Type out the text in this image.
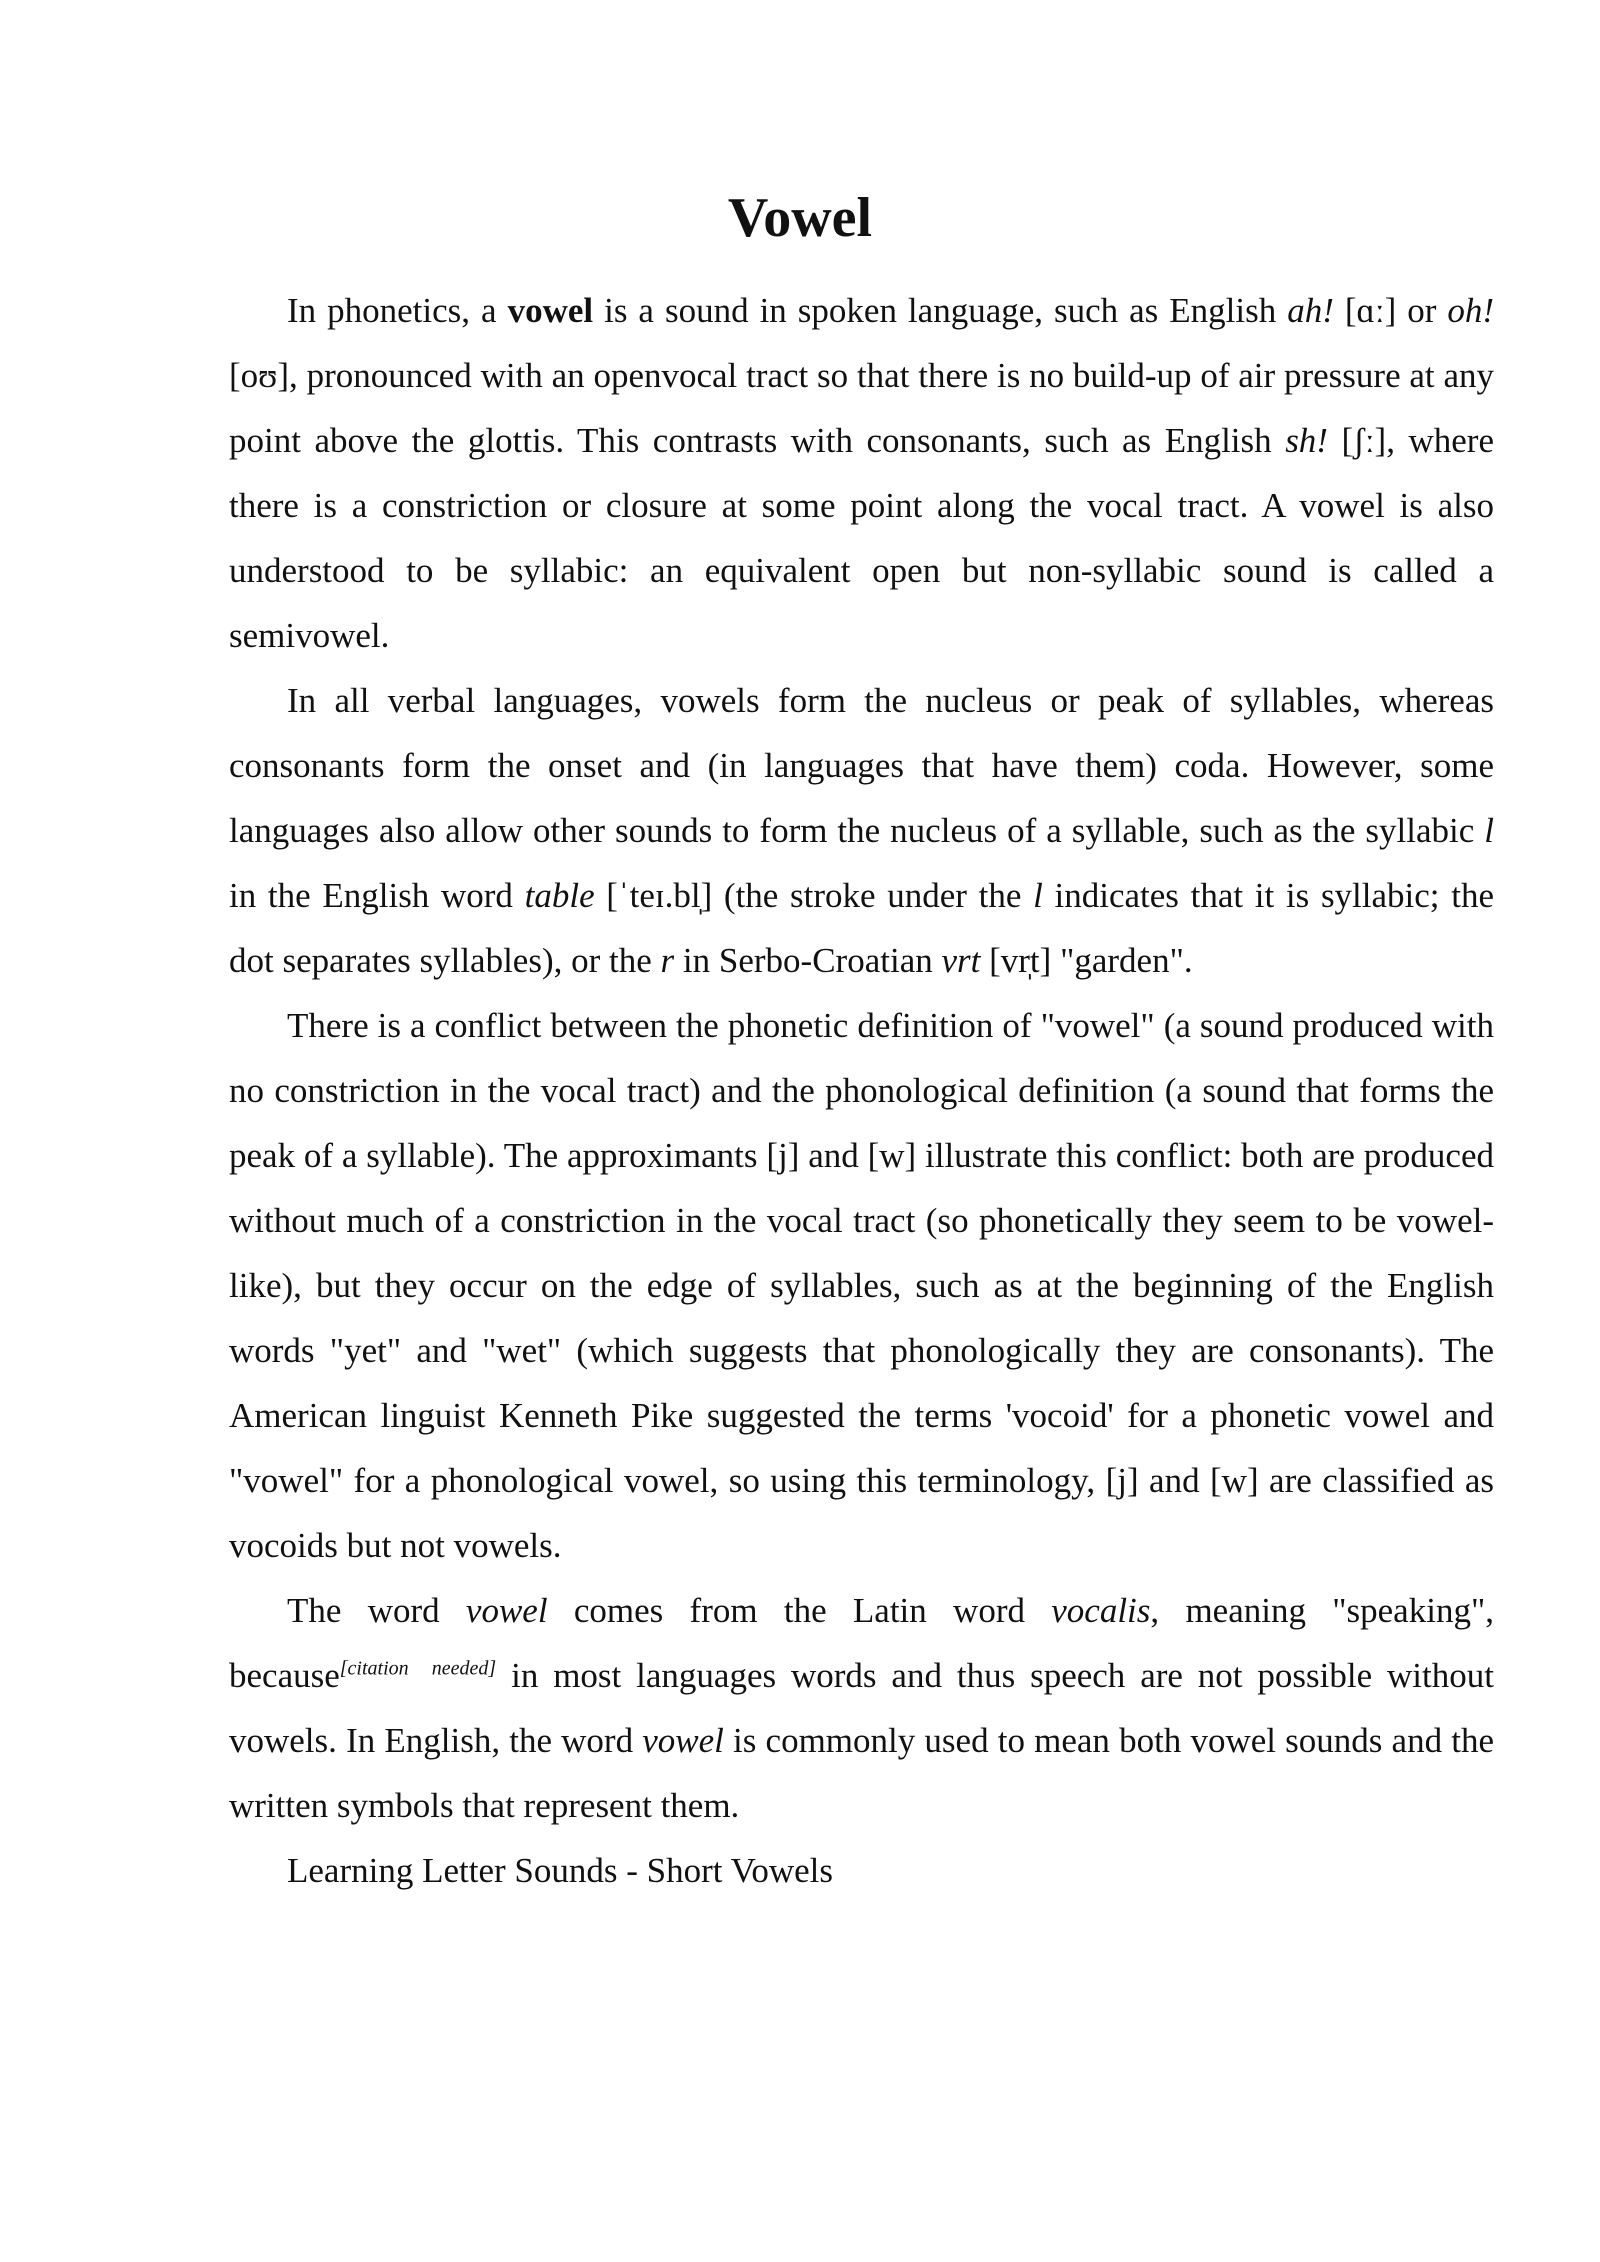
Vowel

In phonetics, a vowel is a sound in spoken language, such as English ah! [ɑː] or oh! [oʊ], pronounced with an openvocal tract so that there is no build-up of air pressure at any point above the glottis. This contrasts with consonants, such as English sh! [ʃː], where there is a constriction or closure at some point along the vocal tract. A vowel is also understood to be syllabic: an equivalent open but non-syllabic sound is called a semivowel.

In all verbal languages, vowels form the nucleus or peak of syllables, whereas consonants form the onset and (in languages that have them) coda. However, some languages also allow other sounds to form the nucleus of a syllable, such as the syllabic l in the English word table [ˈteɪ.bl̩] (the stroke under the l indicates that it is syllabic; the dot separates syllables), or the r in Serbo-Croatian vrt [vr̩t] "garden".

There is a conflict between the phonetic definition of "vowel" (a sound produced with no constriction in the vocal tract) and the phonological definition (a sound that forms the peak of a syllable). The approximants [j] and [w] illustrate this conflict: both are produced without much of a constriction in the vocal tract (so phonetically they seem to be vowel-like), but they occur on the edge of syllables, such as at the beginning of the English words "yet" and "wet" (which suggests that phonologically they are consonants). The American linguist Kenneth Pike suggested the terms 'vocoid' for a phonetic vowel and "vowel" for a phonological vowel, so using this terminology, [j] and [w] are classified as vocoids but not vowels.

The word vowel comes from the Latin word vocalis, meaning "speaking", because[citation needed] in most languages words and thus speech are not possible without vowels. In English, the word vowel is commonly used to mean both vowel sounds and the written symbols that represent them.

Learning Letter Sounds - Short Vowels
